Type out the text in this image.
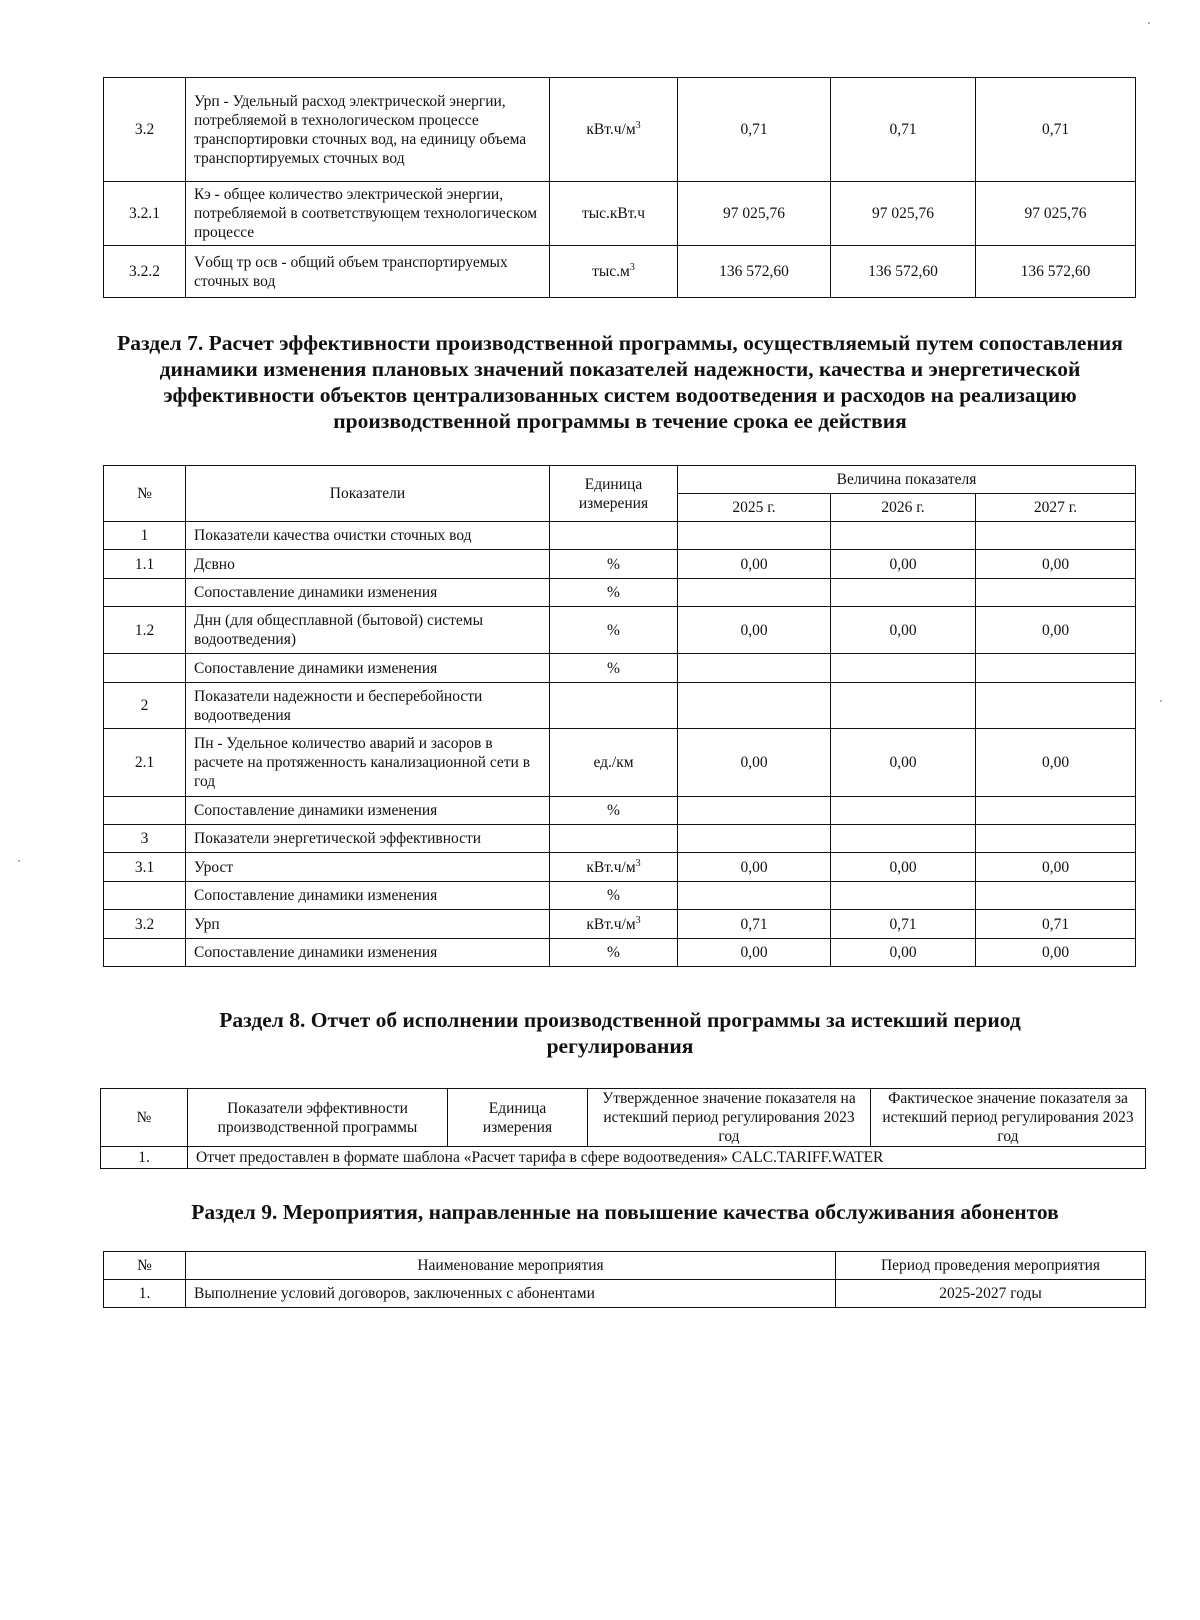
3.2	Урп - Удельный расход электрической энергии, потребляемой в технологическом процессе транспортировки сточных вод, на единицу объема транспортируемых сточных вод	$кВт.ч/м^3$	0,71	0,71	0,71
3.2.1	Кэ - общее количество электрической энергии, потребляемой в соответствующем технологическом процессе	тыс.кВт.ч	97 025,76	97 025,76	97 025,76
3.2.2	Vобщ тр осв - общий объем транспортируемых сточных вод	$тыс.м^3$	136 572,60	136 572,60	136 572,60

Раздел 7. Расчет эффективности производственной программы, осуществляемый путем сопоставления динамики изменения плановых значений показателей надежности, качества и энергетической эффективности объектов централизованных систем водоотведения и расходов на реализацию производственной программы в течение срока ее действия

№	Показатели	Единица измерения	Величина показателя		
			2025 г.	2026 г.	2027 г.
1	Показатели качества очистки сточных вод				
1.1	Дсвно	%	0,00	0,00	0,00
	Сопоставление динамики изменения	%			
1.2	Днн (для общесплавной (бытовой) системы водоотведения)	%	0,00	0,00	0,00
	Сопоставление динамики изменения	%			
2	Показатели надежности и бесперебойности водоотведения				
2.1	Пн - Удельное количество аварий и засоров в расчете на протяженность канализационной сети в год	ед./км	0,00	0,00	0,00
	Сопоставление динамики изменения	%			
3	Показатели энергетической эффективности				
3.1	Урост	$кВт.ч/м^3$	0,00	0,00	0,00
	Сопоставление динамики изменения	%			
3.2	Урп	$кВт.ч/м^3$	0,71	0,71	0,71
	Сопоставление динамики изменения	%	0,00	0,00	0,00

Раздел 8. Отчет об исполнении производственной программы за истекший период регулирования

№	Показатели эффективности производственной программы	Единица измерения	Утвержденное значение показателя на истекший период регулирования 2023 год	Фактическое значение показателя за истекший период регулирования 2023 год
1.	Отчет предоставлен в формате шаблона «Расчет тарифа в сфере водоотведения» CALC.TARIFF.WATER			

Раздел 9. Мероприятия, направленные на повышение качества обслуживания абонентов

№	Наименование мероприятия	Период проведения мероприятия
1.	Выполнение условий договоров, заключенных с абонентами	2025-2027 годы
